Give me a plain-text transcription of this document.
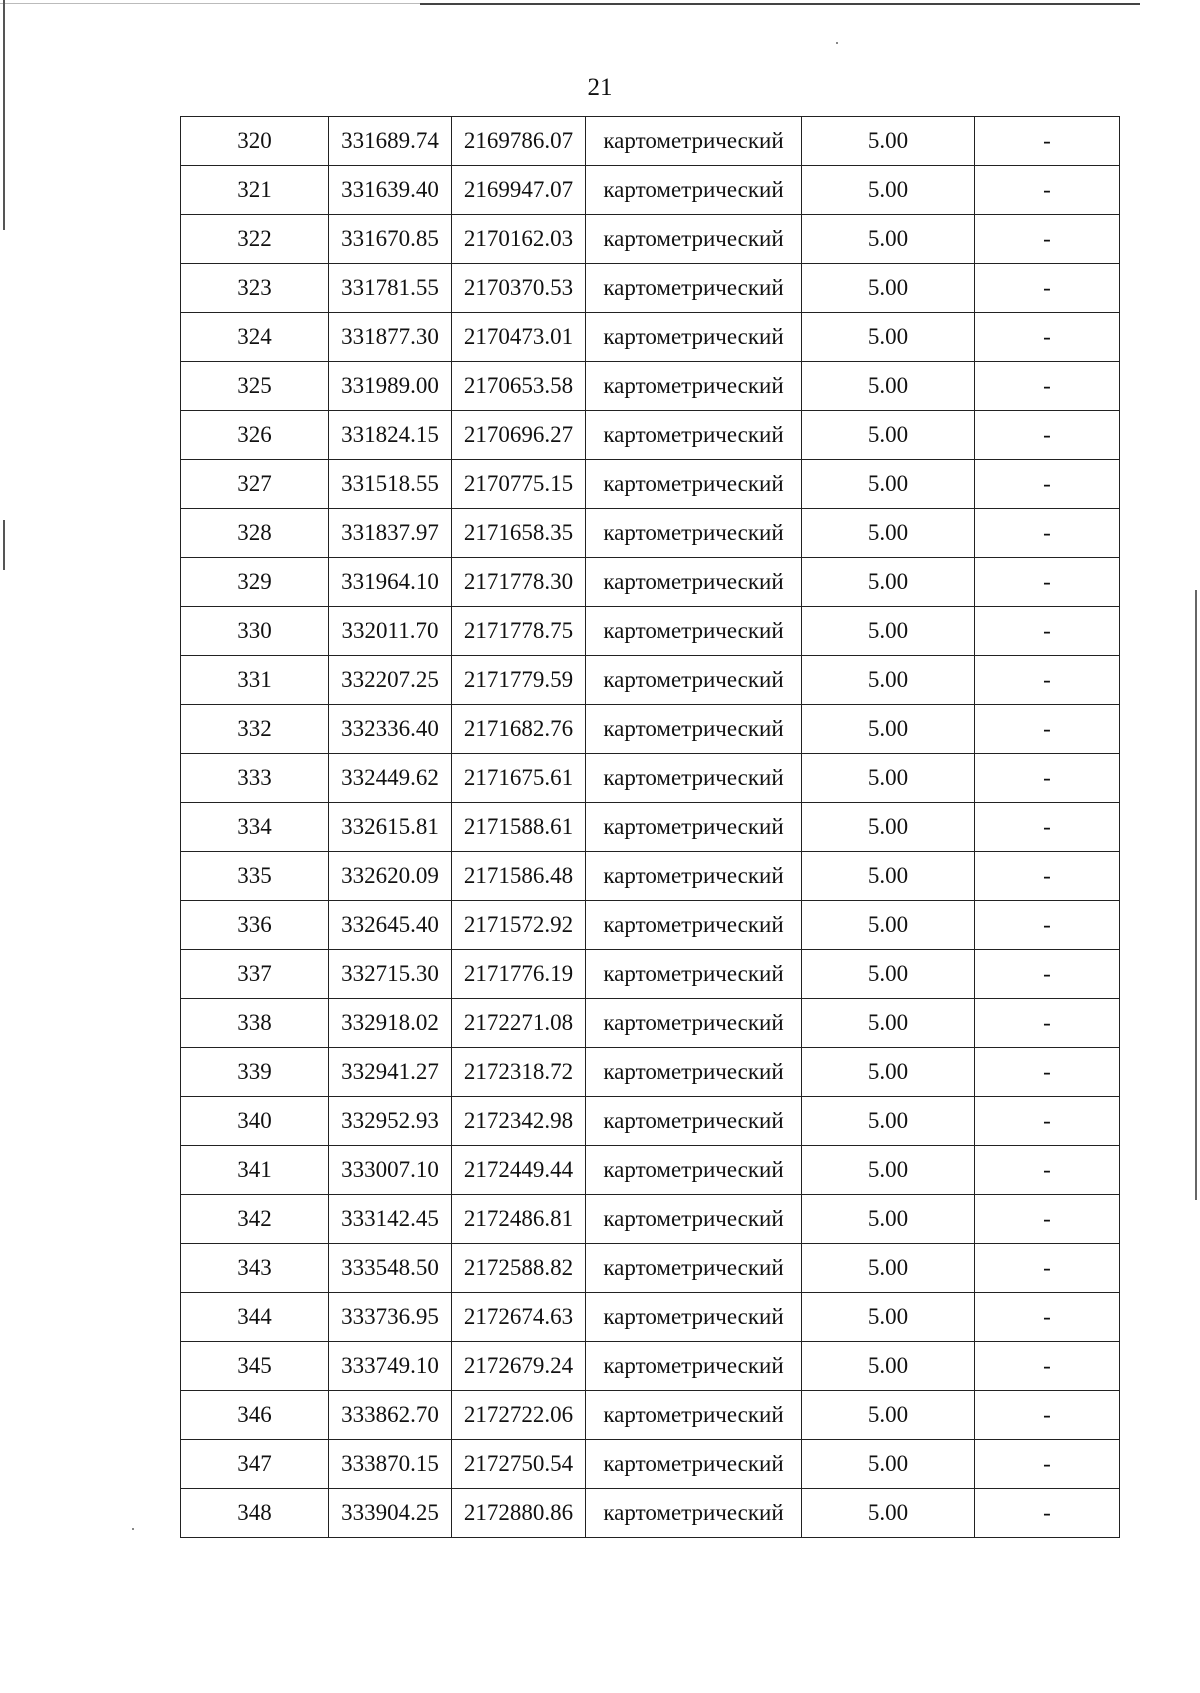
21
320	331689.74	2169786.07	картометрический	5.00	-
321	331639.40	2169947.07	картометрический	5.00	-
322	331670.85	2170162.03	картометрический	5.00	-
323	331781.55	2170370.53	картометрический	5.00	-
324	331877.30	2170473.01	картометрический	5.00	-
325	331989.00	2170653.58	картометрический	5.00	-
326	331824.15	2170696.27	картометрический	5.00	-
327	331518.55	2170775.15	картометрический	5.00	-
328	331837.97	2171658.35	картометрический	5.00	-
329	331964.10	2171778.30	картометрический	5.00	-
330	332011.70	2171778.75	картометрический	5.00	-
331	332207.25	2171779.59	картометрический	5.00	-
332	332336.40	2171682.76	картометрический	5.00	-
333	332449.62	2171675.61	картометрический	5.00	-
334	332615.81	2171588.61	картометрический	5.00	-
335	332620.09	2171586.48	картометрический	5.00	-
336	332645.40	2171572.92	картометрический	5.00	-
337	332715.30	2171776.19	картометрический	5.00	-
338	332918.02	2172271.08	картометрический	5.00	-
339	332941.27	2172318.72	картометрический	5.00	-
340	332952.93	2172342.98	картометрический	5.00	-
341	333007.10	2172449.44	картометрический	5.00	-
342	333142.45	2172486.81	картометрический	5.00	-
343	333548.50	2172588.82	картометрический	5.00	-
344	333736.95	2172674.63	картометрический	5.00	-
345	333749.10	2172679.24	картометрический	5.00	-
346	333862.70	2172722.06	картометрический	5.00	-
347	333870.15	2172750.54	картометрический	5.00	-
348	333904.25	2172880.86	картометрический	5.00	-
